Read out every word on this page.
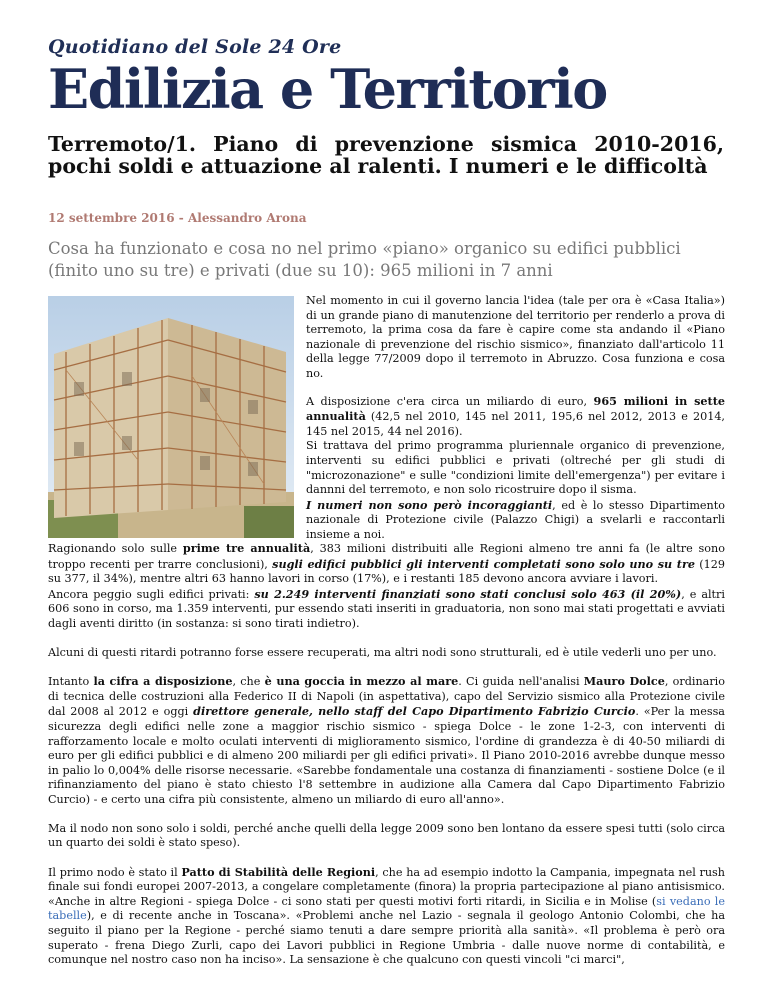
Quotidiano del Sole 24 Ore
Edilizia e Territorio
Terremoto/1. Piano di prevenzione sismica 2010-2016, pochi soldi e attuazione al ralenti. I numeri e le difficoltà
12 settembre 2016 - Alessandro Arona
Cosa ha funzionato e cosa no nel primo «piano» organico su edifici pubblici (finito uno su tre) e privati (due su 10): 965 milioni in 7 anni

Nel momento in cui il governo lancia l'idea (tale per ora è «Casa Italia») di un grande piano di manutenzione del territorio per renderlo a prova di terremoto, la prima cosa da fare è capire come sta andando il «Piano nazionale di prevenzione del rischio sismico», finanziato dall'articolo 11 della legge 77/2009 dopo il terremoto in Abruzzo. Cosa funziona e cosa no.

A disposizione c'era circa un miliardo di euro, 965 milioni in sette annualità (42,5 nel 2010, 145 nel 2011, 195,6 nel 2012, 2013 e 2014, 145 nel 2015, 44 nel 2016).
Si trattava del primo programma pluriennale organico di prevenzione, interventi su edifici pubblici e privati (oltreché per gli studi di "microzonazione" e sulle "condizioni limite dell'emergenza") per evitare i dannni del terremoto, e non solo ricostruire dopo il sisma.
I numeri non sono però incoraggianti, ed è lo stesso Dipartimento nazionale di Protezione civile (Palazzo Chigi) a svelarli e raccontarli insieme a noi.

Ragionando solo sulle prime tre annualità, 383 milioni distribuiti alle Regioni almeno tre anni fa (le altre sono troppo recenti per trarre conclusioni), sugli edifici pubblici gli interventi completati sono solo uno su tre (129 su 377, il 34%), mentre altri 63 hanno lavori in corso (17%), e i restanti 185 devono ancora avviare i lavori.
Ancora peggio sugli edifici privati: su 2.249 interventi finanziati sono stati conclusi solo 463 (il 20%), e altri 606 sono in corso, ma 1.359 interventi, pur essendo stati inseriti in graduatoria, non sono mai stati progettati e avviati dagli aventi diritto (in sostanza: si sono tirati indietro).

Alcuni di questi ritardi potranno forse essere recuperati, ma altri nodi sono strutturali, ed è utile vederli uno per uno.

Intanto la cifra a disposizione, che è una goccia in mezzo al mare. Ci guida nell'analisi Mauro Dolce, ordinario di tecnica delle costruzioni alla Federico II di Napoli (in aspettativa), capo del Servizio sismico alla Protezione civile dal 2008 al 2012 e oggi direttore generale, nello staff del Capo Dipartimento Fabrizio Curcio. «Per la messa sicurezza degli edifici nelle zone a maggior rischio sismico - spiega Dolce - le zone 1-2-3, con interventi di rafforzamento locale e molto oculati interventi di miglioramento sismico, l'ordine di grandezza è di 40-50 miliardi di euro per gli edifici pubblici e di almeno 200 miliardi per gli edifici privati». Il Piano 2010-2016 avrebbe dunque messo in palio lo 0,004% delle risorse necessarie. «Sarebbe fondamentale una costanza di finanziamenti - sostiene Dolce (e il rifinanziamento del piano è stato chiesto l'8 settembre in audizione alla Camera dal Capo Dipartimento Fabrizio Curcio) - e certo una cifra più consistente, almeno un miliardo di euro all'anno».

Ma il nodo non sono solo i soldi, perché anche quelli della legge 2009 sono ben lontano da essere spesi tutti (solo circa un quarto dei soldi è stato speso).

Il primo nodo è stato il Patto di Stabilità delle Regioni, che ha ad esempio indotto la Campania, impegnata nel rush finale sui fondi europei 2007-2013, a congelare completamente (finora) la propria partecipazione al piano antisismico. «Anche in altre Regioni - spiega Dolce - ci sono stati per questi motivi forti ritardi, in Sicilia e in Molise (si vedano le tabelle), e di recente anche in Toscana». «Problemi anche nel Lazio - segnala il geologo Antonio Colombi, che ha seguito il piano per la Regione - perché siamo tenuti a dare sempre priorità alla sanità». «Il problema è però ora superato - frena Diego Zurli, capo dei Lavori pubblici in Regione Umbria - dalle nuove norme di contabilità, e comunque nel nostro caso non ha inciso». La sensazione è che qualcuno con questi vincoli "ci marci",
